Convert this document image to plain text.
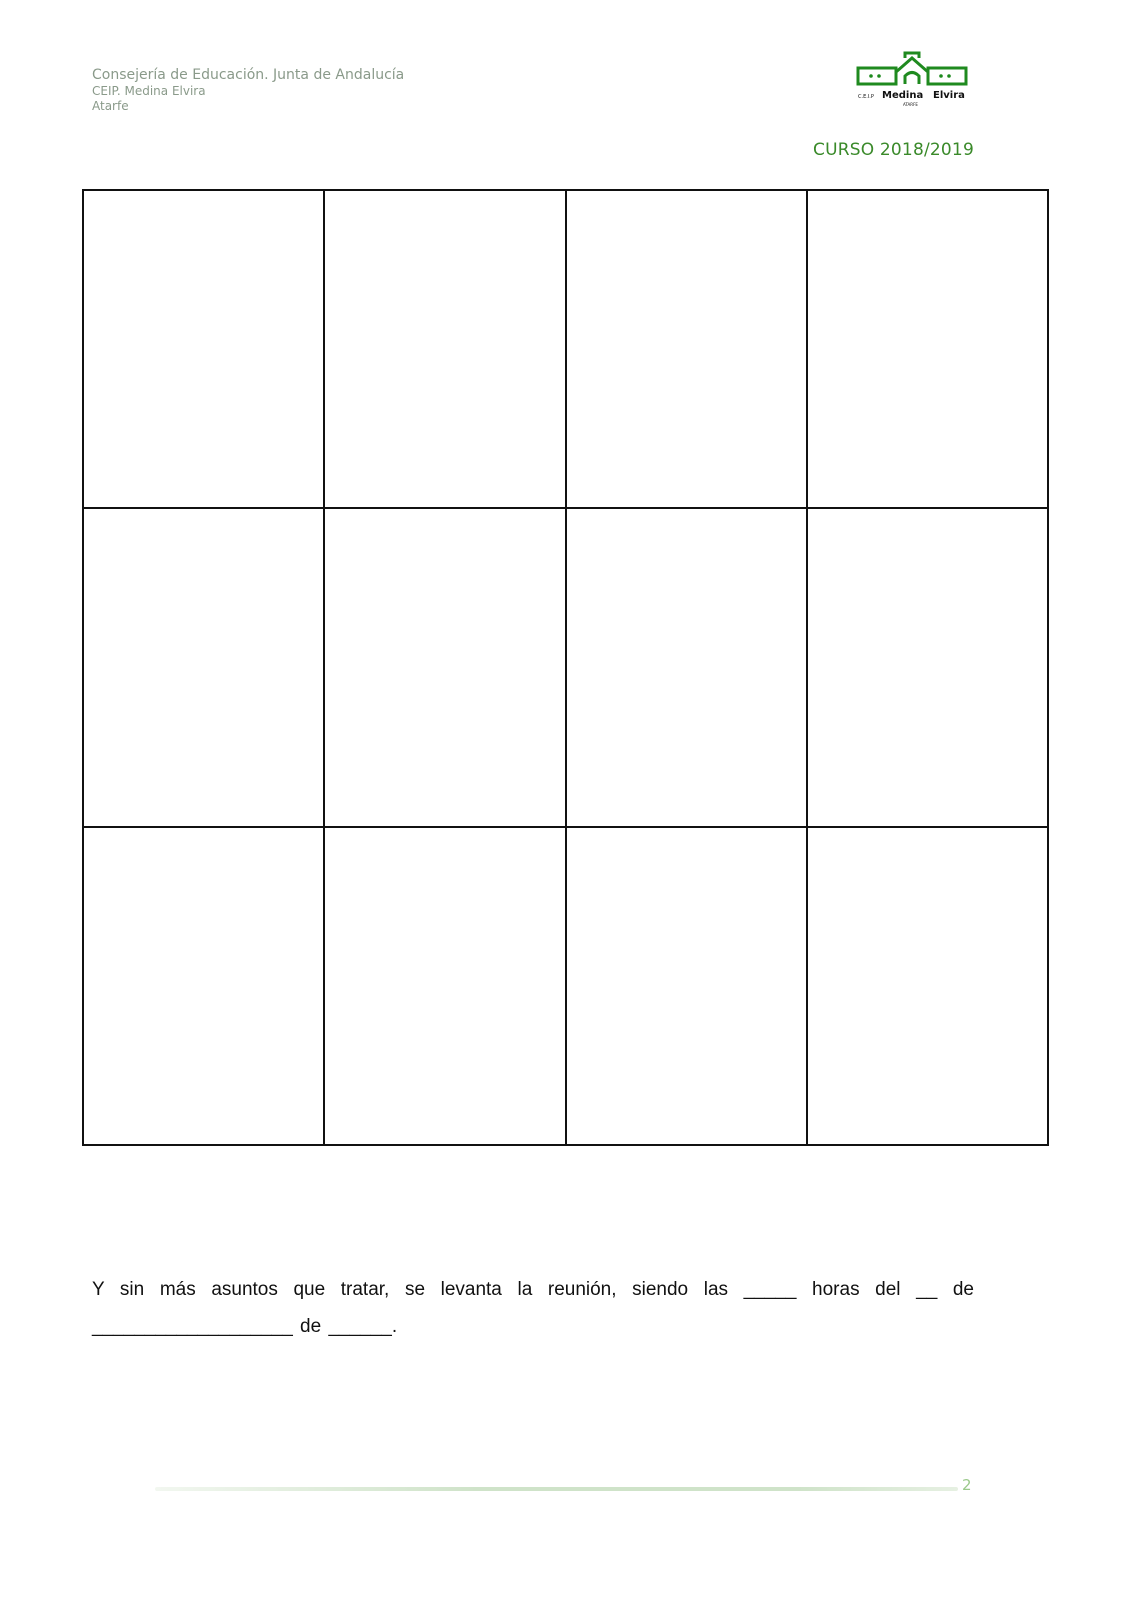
Consejería de Educación. Junta de Andalucía
CEIP. Medina Elvira
Atarfe
C.E.I.P Medina Elvira
ATARFE
CURSO 2018/2019

Y sin más asuntos que tratar, se levanta la reunión, siendo las _____ horas del __ de ___________________ de ______.

2
